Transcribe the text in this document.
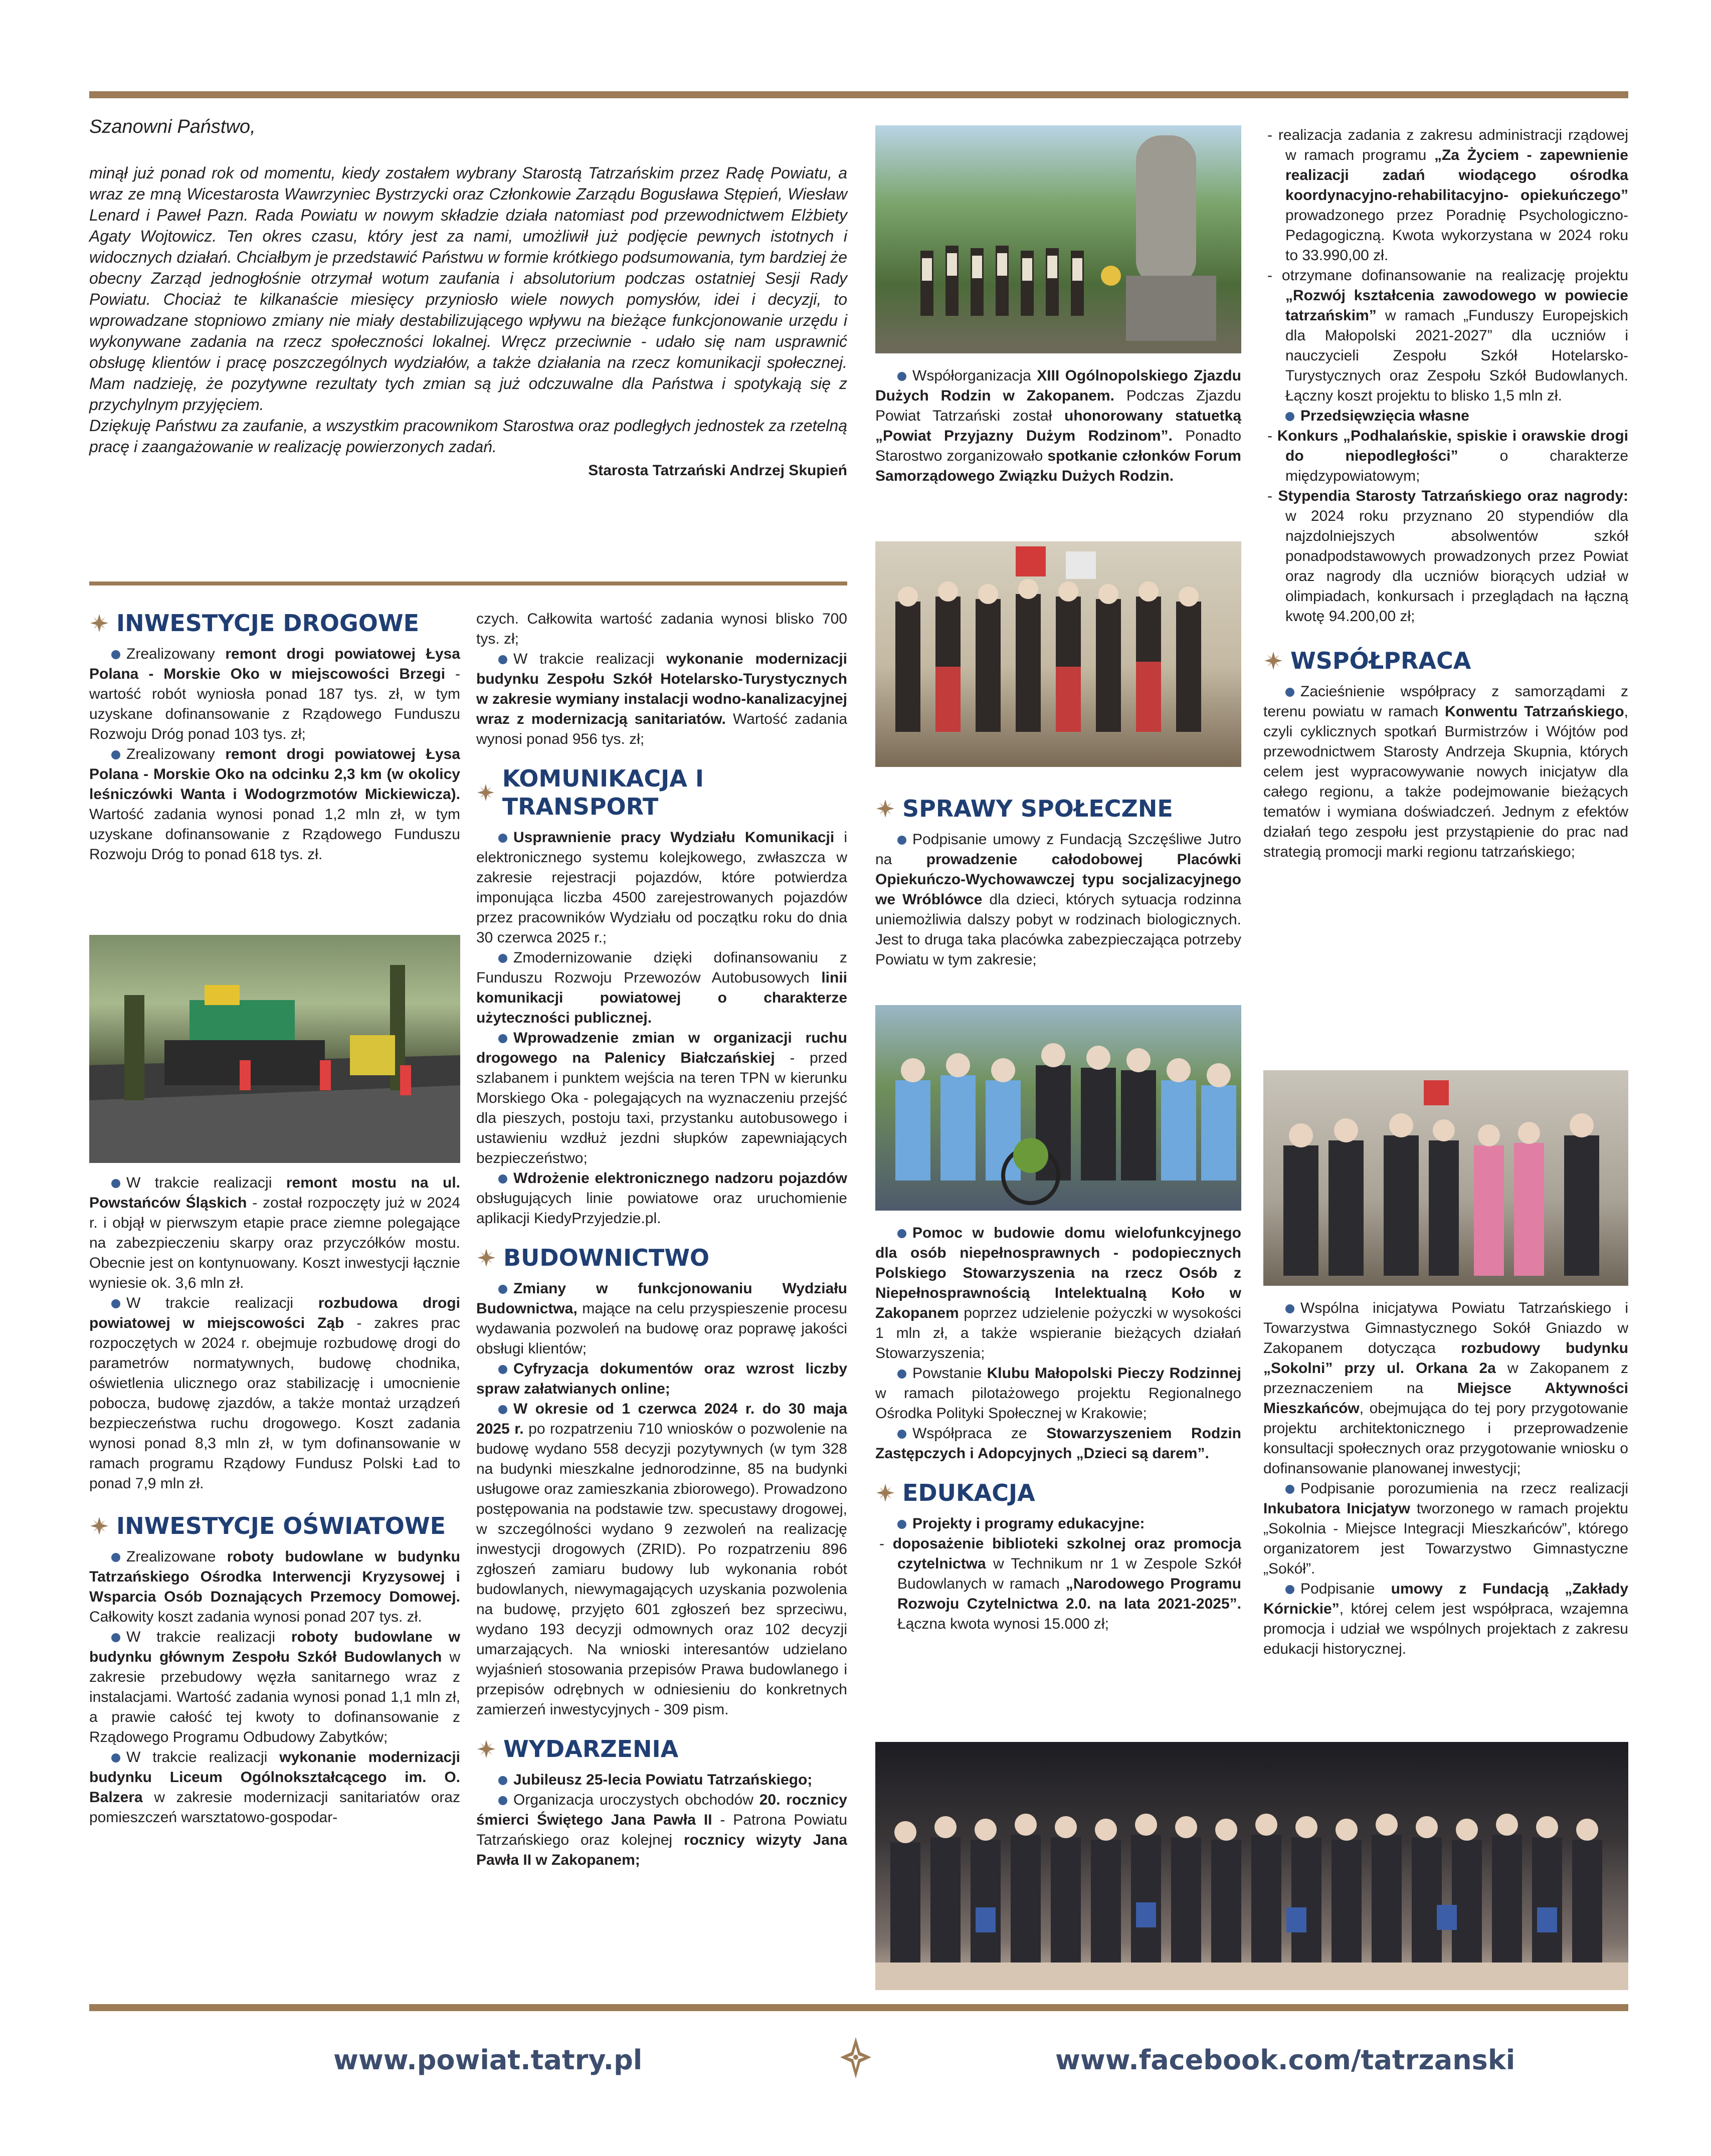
Szanowni Państwo,
minął już ponad rok od momentu, kiedy zostałem wybrany Starostą Tatrzańskim przez Radę Powiatu, a wraz ze mną Wicestarosta Wawrzyniec Bystrzycki oraz Członkowie Zarządu Bogusława Stępień, Wiesław Lenard i Paweł Pazn. Rada Powiatu w nowym składzie działa natomiast pod przewodnictwem Elżbiety Agaty Wojtowicz. Ten okres czasu, który jest za nami, umożliwił już podjęcie pewnych istotnych i widocznych działań. Chciałbym je przedstawić Państwu w formie krótkiego podsumowania, tym bardziej że obecny Zarząd jednogłośnie otrzymał wotum zaufania i absolutorium podczas ostatniej Sesji Rady Powiatu. Chociaż te kilkanaście miesięcy przyniosło wiele nowych pomysłów, idei i decyzji, to wprowadzane stopniowo zmiany nie miały destabilizującego wpływu na bieżące funkcjonowanie urzędu i wykonywane zadania na rzecz społeczności lokalnej. Wręcz przeciwnie - udało się nam usprawnić obsługę klientów i pracę poszczególnych wydziałów, a także działania na rzecz komunikacji społecznej. Mam nadzieję, że pozytywne rezultaty tych zmian są już odczuwalne dla Państwa i spotykają się z przychylnym przyjęciem.
Dziękuję Państwu za zaufanie, a wszystkim pracownikom Starostwa oraz podległych jednostek za rzetelną pracę i zaangażowanie w realizację powierzonych zadań.
Starosta Tatrzański Andrzej Skupień
INWESTYCJE DROGOWE

Zrealizowany remont drogi powiatowej Łysa Polana - Morskie Oko w miejscowości Brzegi - wartość robót wyniosła ponad 187 tys. zł, w tym uzyskane dofinansowanie z Rządowego Funduszu Rozwoju Dróg ponad 103 tys. zł;

Zrealizowany remont drogi powiatowej Łysa Polana - Morskie Oko na odcinku 2,3 km (w okolicy leśniczówki Wanta i Wodogrzmotów Mickiewicza). Wartość zadania wynosi ponad 1,2 mln zł, w tym uzyskane dofinansowanie z Rządowego Funduszu Rozwoju Dróg to ponad 618 tys. zł.

W trakcie realizacji remont mostu na ul. Powstańców Śląskich - został rozpoczęty już w 2024 r. i objął w pierwszym etapie prace ziemne polegające na zabezpieczeniu skarpy oraz przyczółków mostu. Obecnie jest on kontynuowany. Koszt inwestycji łącznie wyniesie ok. 3,6 mln zł.

W trakcie realizacji rozbudowa drogi powiatowej w miejscowości Ząb - zakres prac rozpoczętych w 2024 r. obejmuje rozbudowę drogi do parametrów normatywnych, budowę chodnika, oświetlenia ulicznego oraz stabilizację i umocnienie pobocza, budowę zjazdów, a także montaż urządzeń bezpieczeństwa ruchu drogowego. Koszt zadania wynosi ponad 8,3 mln zł, w tym dofinansowanie w ramach programu Rządowy Fundusz Polski Ład to ponad 7,9 mln zł.

INWESTYCJE OŚWIATOWE

Zrealizowane roboty budowlane w budynku Tatrzańskiego Ośrodka Interwencji Kryzysowej i Wsparcia Osób Doznających Przemocy Domowej. Całkowity koszt zadania wynosi ponad 207 tys. zł.

W trakcie realizacji roboty budowlane w budynku głównym Zespołu Szkół Budowlanych w zakresie przebudowy węzła sanitarnego wraz z instalacjami. Wartość zadania wynosi ponad 1,1 mln zł, a prawie całość tej kwoty to dofinansowanie z Rządowego Programu Odbudowy Zabytków;

W trakcie realizacji wykonanie modernizacji budynku Liceum Ogólnokształcącego im. O. Balzera w zakresie modernizacji sanitariatów oraz pomieszczeń warsztatowo-gospodar-

czych. Całkowita wartość zadania wynosi blisko 700 tys. zł;

W trakcie realizacji wykonanie modernizacji budynku Zespołu Szkół Hotelarsko-Turystycznych w zakresie wymiany instalacji wodno-kanalizacyjnej wraz z modernizacją sanitariatów. Wartość zadania wynosi ponad 956 tys. zł;

KOMUNIKACJA I TRANSPORT

Usprawnienie pracy Wydziału Komunikacji i elektronicznego systemu kolejkowego, zwłaszcza w zakresie rejestracji pojazdów, które potwierdza imponująca liczba 4500 zarejestrowanych pojazdów przez pracowników Wydziału od początku roku do dnia 30 czerwca 2025 r.;

Zmodernizowanie dzięki dofinansowaniu z Funduszu Rozwoju Przewozów Autobusowych linii komunikacji powiatowej o charakterze użyteczności publicznej.

Wprowadzenie zmian w organizacji ruchu drogowego na Palenicy Białczańskiej - przed szlabanem i punktem wejścia na teren TPN w kierunku Morskiego Oka - polegających na wyznaczeniu przejść dla pieszych, postoju taxi, przystanku autobusowego i ustawieniu wzdłuż jezdni słupków zapewniających bezpieczeństwo;

Wdrożenie elektronicznego nadzoru pojazdów obsługujących linie powiatowe oraz uruchomienie aplikacji KiedyPrzyjedzie.pl.

BUDOWNICTWO

Zmiany w funkcjonowaniu Wydziału Budownictwa, mające na celu przyspieszenie procesu wydawania pozwoleń na budowę oraz poprawę jakości obsługi klientów;

Cyfryzacja dokumentów oraz wzrost liczby spraw załatwianych online;

W okresie od 1 czerwca 2024 r. do 30 maja 2025 r. po rozpatrzeniu 710 wniosków o pozwolenie na budowę wydano 558 decyzji pozytywnych (w tym 328 na budynki mieszkalne jednorodzinne, 85 na budynki usługowe oraz zamieszkania zbiorowego). Prowadzono postępowania na podstawie tzw. specustawy drogowej, w szczególności wydano 9 zezwoleń na realizację inwestycji drogowych (ZRID). Po rozpatrzeniu 896 zgłoszeń zamiaru budowy lub wykonania robót budowlanych, niewymagających uzyskania pozwolenia na budowę, przyjęto 601 zgłoszeń bez sprzeciwu, wydano 193 decyzji odmownych oraz 102 decyzji umarzających. Na wnioski interesantów udzielano wyjaśnień stosowania przepisów Prawa budowlanego i przepisów odrębnych w odniesieniu do konkretnych zamierzeń inwestycyjnych - 309 pism.

WYDARZENIA

Jubileusz 25-lecia Powiatu Tatrzańskiego;

Organizacja uroczystych obchodów 20. rocznicy śmierci Świętego Jana Pawła II - Patrona Powiatu Tatrzańskiego oraz kolejnej rocznicy wizyty Jana Pawła II w Zakopanem;

Współorganizacja XIII Ogólnopolskiego Zjazdu Dużych Rodzin w Zakopanem. Podczas Zjazdu Powiat Tatrzański został uhonorowany statuetką „Powiat Przyjazny Dużym Rodzinom”. Ponadto Starostwo zorganizowało spotkanie członków Forum Samorządowego Związku Dużych Rodzin.

SPRAWY SPOŁECZNE

Podpisanie umowy z Fundacją Szczęśliwe Jutro na prowadzenie całodobowej Placówki Opiekuńczo-Wychowawczej typu socjalizacyjnego we Wróblówce dla dzieci, których sytuacja rodzinna uniemożliwia dalszy pobyt w rodzinach biologicznych. Jest to druga taka placówka zabezpieczająca potrzeby Powiatu w tym zakresie;

Pomoc w budowie domu wielofunkcyjnego dla osób niepełnosprawnych - podopiecznych Polskiego Stowarzyszenia na rzecz Osób z Niepełnosprawnością Intelektualną Koło w Zakopanem poprzez udzielenie pożyczki w wysokości 1 mln zł, a także wspieranie bieżących działań Stowarzyszenia;

Powstanie Klubu Małopolski Pieczy Rodzinnej w ramach pilotażowego projektu Regionalnego Ośrodka Polityki Społecznej w Krakowie;

Współpraca ze Stowarzyszeniem Rodzin Zastępczych i Adopcyjnych „Dzieci są darem”.

EDUKACJA

Projekty i programy edukacyjne:

- doposażenie biblioteki szkolnej oraz promocja czytelnictwa w Technikum nr 1 w Zespole Szkół Budowlanych w ramach „Narodowego Programu Rozwoju Czytelnictwa 2.0. na lata 2021-2025”. Łączna kwota wynosi 15.000 zł;

- realizacja zadania z zakresu administracji rządowej w ramach programu „Za Życiem - zapewnienie realizacji zadań wiodącego ośrodka koordynacyjno-rehabilitacyjno- opiekuńczego” prowadzonego przez Poradnię Psychologiczno-Pedagogiczną. Kwota wykorzystana w 2024 roku to 33.990,00 zł.

- otrzymane dofinansowanie na realizację projektu „Rozwój kształcenia zawodowego w powiecie tatrzańskim” w ramach „Funduszy Europejskich dla Małopolski 2021-2027” dla uczniów i nauczycieli Zespołu Szkół Hotelarsko-Turystycznych oraz Zespołu Szkół Budowlanych. Łączny koszt projektu to blisko 1,5 mln zł.

Przedsięwzięcia własne

- Konkurs „Podhalańskie, spiskie i orawskie drogi do niepodległości” o charakterze międzypowiatowym;

- Stypendia Starosty Tatrzańskiego oraz nagrody: w 2024 roku przyznano 20 stypendiów dla najzdolniejszych absolwentów szkół ponadpodstawowych prowadzonych przez Powiat oraz nagrody dla uczniów biorących udział w olimpiadach, konkursach i przeglądach na łączną kwotę 94.200,00 zł;

WSPÓŁPRACA

Zacieśnienie współpracy z samorządami z terenu powiatu w ramach Konwentu Tatrzańskiego, czyli cyklicznych spotkań Burmistrzów i Wójtów pod przewodnictwem Starosty Andrzeja Skupnia, których celem jest wypracowywanie nowych inicjatyw dla całego regionu, a także podejmowanie bieżących tematów i wymiana doświadczeń. Jednym z efektów działań tego zespołu jest przystąpienie do prac nad strategią promocji marki regionu tatrzańskiego;

Wspólna inicjatywa Powiatu Tatrzańskiego i Towarzystwa Gimnastycznego Sokół Gniazdo w Zakopanem dotycząca rozbudowy budynku „Sokolni” przy ul. Orkana 2a w Zakopanem z przeznaczeniem na Miejsce Aktywności Mieszkańców, obejmująca do tej pory przygotowanie projektu architektonicznego i przeprowadzenie konsultacji społecznych oraz przygotowanie wniosku o dofinansowanie planowanej inwestycji;

Podpisanie porozumienia na rzecz realizacji Inkubatora Inicjatyw tworzonego w ramach projektu „Sokolnia - Miejsce Integracji Mieszkańców”, którego organizatorem jest Towarzystwo Gimnastyczne „Sokół”.

Podpisanie umowy z Fundacją „Zakłady Kórnickie”, której celem jest współpraca, wzajemna promocja i udział we wspólnych projektach z zakresu edukacji historycznej.

www.powiat.tatry.pl	www.facebook.com/tatrzanski
